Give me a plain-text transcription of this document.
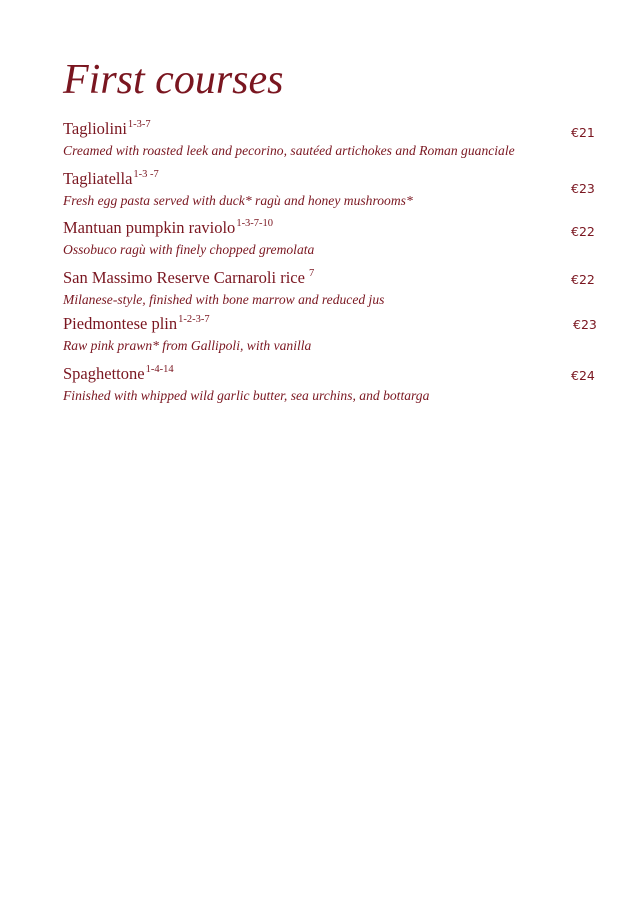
First courses
Tagliolini$^{1-3-7}$
Creamed with roasted leek and pecorino, sautéed artichokes and Roman guanciale
€21
Tagliatella$^{1-3 -7}$
Fresh egg pasta served with duck* ragù and honey mushrooms*
€23
Mantuan pumpkin raviolo$^{1-3-7-10}$
Ossobuco ragù with finely chopped gremolata
€22
San Massimo Reserve Carnaroli rice $^7$
Milanese-style, finished with bone marrow and reduced jus
€22
Piedmontese plin$^{1-2-3-7}$
Raw pink prawn* from Gallipoli, with vanilla
€23
Spaghettone$^{1-4-14}$
Finished with whipped wild garlic butter, sea urchins, and bottarga
€24
